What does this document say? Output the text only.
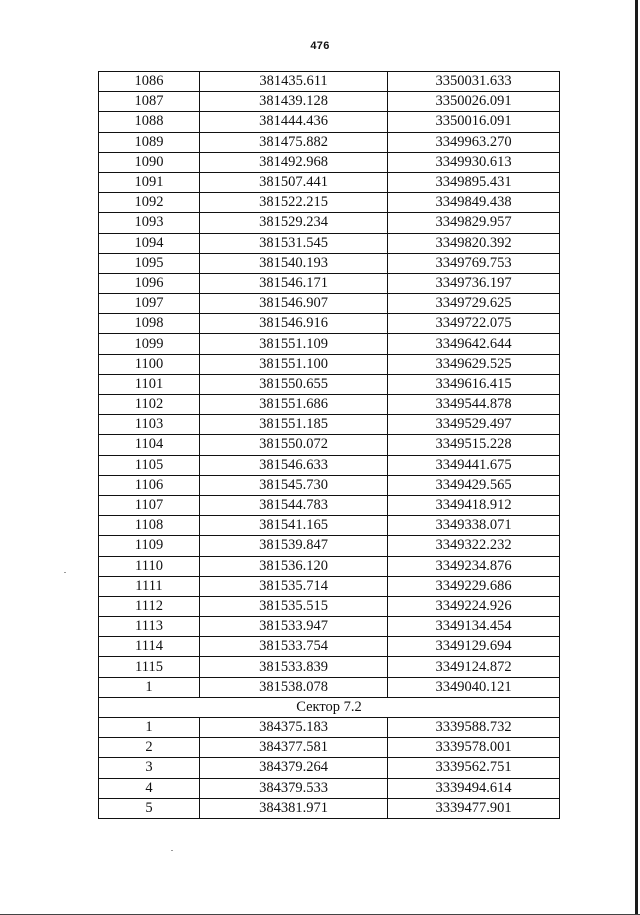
476
1086	381435.611	3350031.633
1087	381439.128	3350026.091
1088	381444.436	3350016.091
1089	381475.882	3349963.270
1090	381492.968	3349930.613
1091	381507.441	3349895.431
1092	381522.215	3349849.438
1093	381529.234	3349829.957
1094	381531.545	3349820.392
1095	381540.193	3349769.753
1096	381546.171	3349736.197
1097	381546.907	3349729.625
1098	381546.916	3349722.075
1099	381551.109	3349642.644
1100	381551.100	3349629.525
1101	381550.655	3349616.415
1102	381551.686	3349544.878
1103	381551.185	3349529.497
1104	381550.072	3349515.228
1105	381546.633	3349441.675
1106	381545.730	3349429.565
1107	381544.783	3349418.912
1108	381541.165	3349338.071
1109	381539.847	3349322.232
1110	381536.120	3349234.876
1111	381535.714	3349229.686
1112	381535.515	3349224.926
1113	381533.947	3349134.454
1114	381533.754	3349129.694
1115	381533.839	3349124.872
1	381538.078	3349040.121
Сектор 7.2		
1	384375.183	3339588.732
2	384377.581	3339578.001
3	384379.264	3339562.751
4	384379.533	3339494.614
5	384381.971	3339477.901
